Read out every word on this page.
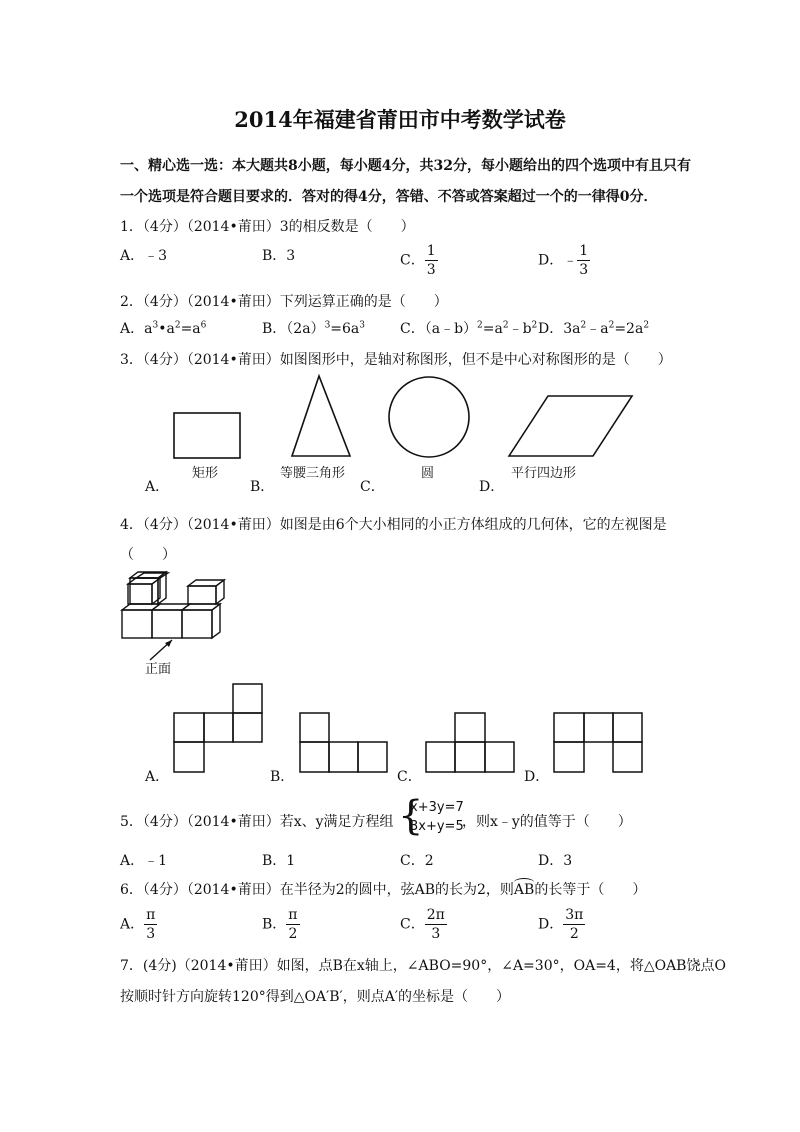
2014年福建省莆田市中考数学试卷
一、精心选一选：本大题共8小题，每小题4分，共32分，每小题给出的四个选项中有且只有
一个选项是符合题目要求的．答对的得4分，答错、不答或答案超过一个的一律得0分．
1．（4分）（2014•莆田）3的相反数是（　　）
A．﹣3	B．3	C． $\frac{1}{3}$	D．﹣ $\frac{1}{3}$
2．（4分）（2014•莆田）下列运算正确的是（　　）
A．$a^3•a^2=a^6$	B．$(2a)^3=6a^3$ C．$(a﹣b)^2=a^2﹣b^2$ D．$3a^2﹣a^2=2a^2$
3．（4分）（2014•莆田）如图图形中，是轴对称图形，但不是中心对称图形的是（　　）
A．	B．	C．	D．
矩形	等腰三角形	圆	平行四边形
4．（4分）（2014•莆田）如图是由6个大小相同的小正方体组成的几何体，它的左视图是
（　　）
正面
A．	B．	C．	D．
5．（4分）（2014•莆田）若x、y满足方程组 {
x+3y=7
3x+y=5
，则x﹣y的值等于（　　）
A．﹣1	B．1	C．2	D．3
6．（4分）（2014•莆田）在半径为2的圆中，弦AB的长为2，则AB的长等于（　　）
A． $\frac{\pi}{3}$	B． $\frac{\pi}{2}$	C． $\frac{2\pi}{3}$	D． $\frac{3\pi}{2}$
7．(4分)（2014•莆田）如图，点B在x轴上，∠ABO=90°，∠A=30°，OA=4，将△OAB饶点O
按顺时针方向旋转120°得到△OA′B′，则点A′的坐标是（　　）
